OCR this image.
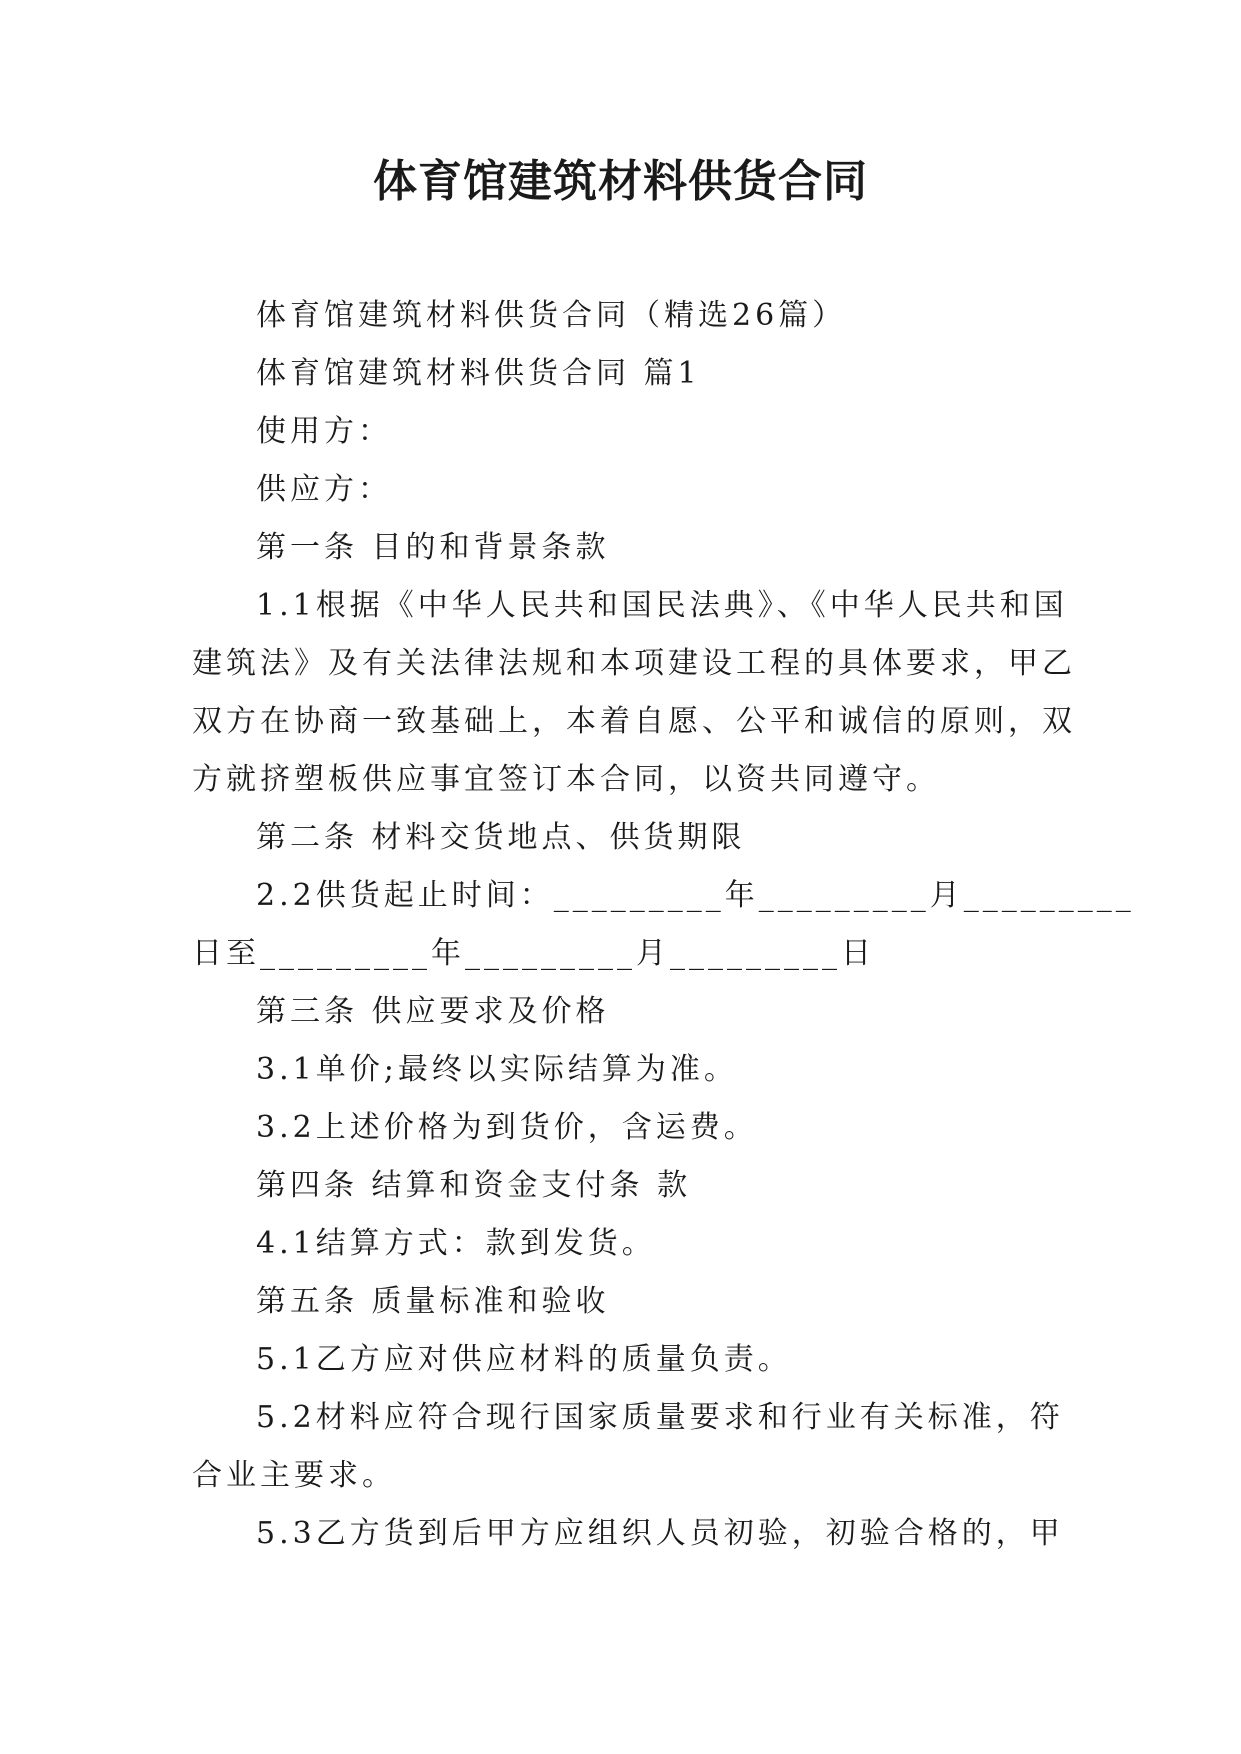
体育馆建筑材料供货合同

体育馆建筑材料供货合同（精选26篇）

体育馆建筑材料供货合同 篇1

使用方：

供应方：

第一条 目的和背景条款

1.1根据《中华人民共和国民法典》、《中华人民共和国

建筑法》及有关法律法规和本项建设工程的具体要求，甲乙

双方在协商一致基础上，本着自愿、公平和诚信的原则，双

方就挤塑板供应事宜签订本合同，以资共同遵守。

第二条 材料交货地点、供货期限

2.2供货起止时间：_________年_________月_________

日至_________年_________月_________日

第三条 供应要求及价格

3.1单价;最终以实际结算为准。

3.2上述价格为到货价，含运费。

第四条 结算和资金支付条 款

4.1结算方式：款到发货。

第五条 质量标准和验收

5.1乙方应对供应材料的质量负责。

5.2材料应符合现行国家质量要求和行业有关标准，符

合业主要求。

5.3乙方货到后甲方应组织人员初验，初验合格的，甲
